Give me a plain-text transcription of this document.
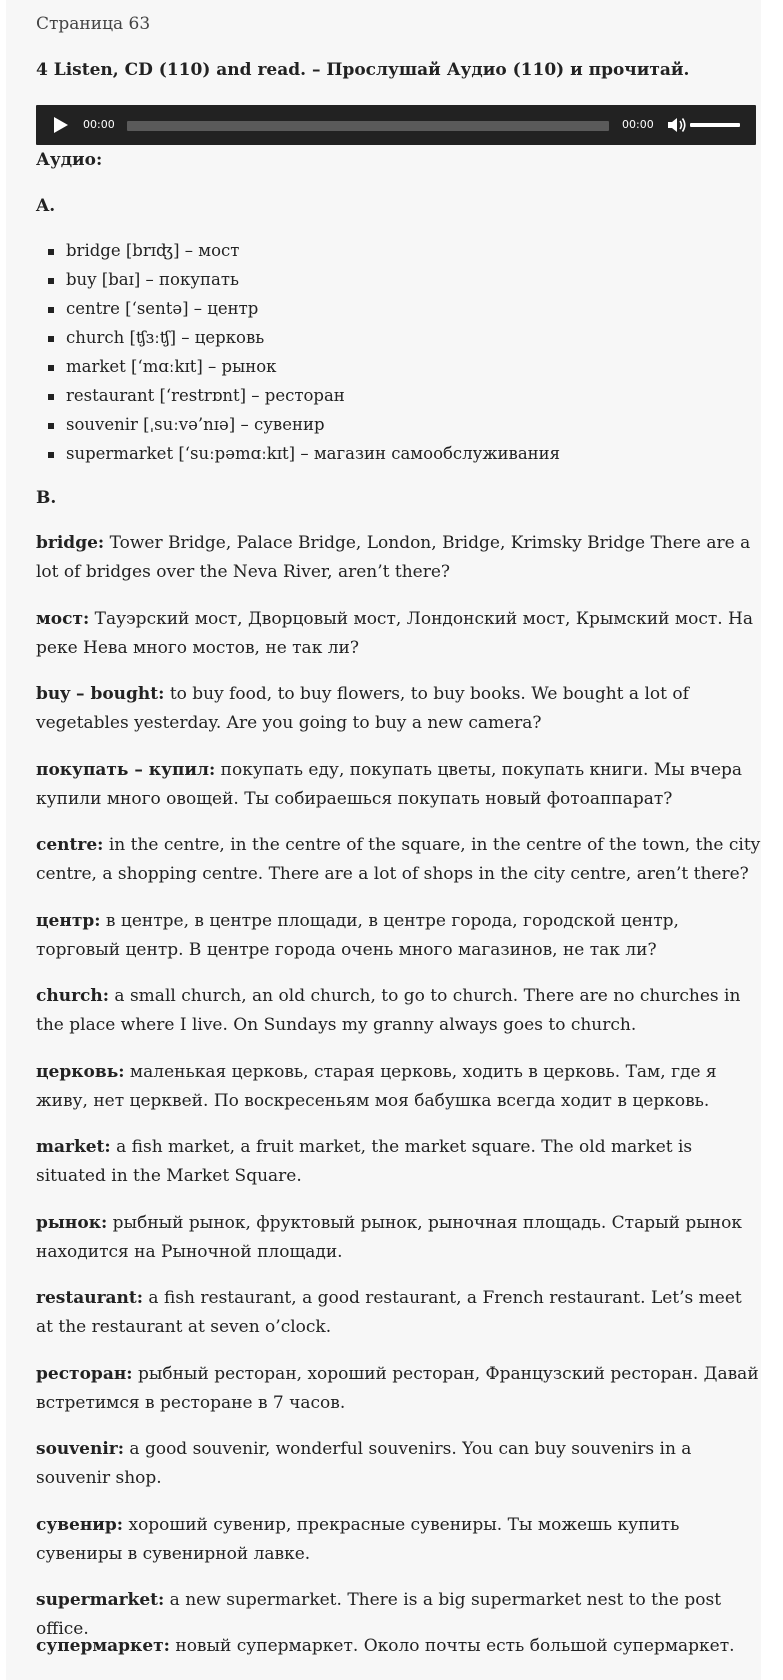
Страница 63
4 Listen, CD (110) and read. – Прослушай Аудио (110) и прочитай.
00:00	00:00
Аудио:
A.
bridge [brɪʤ] – мост
buy [baɪ] – покупать
centre [‘sentə] – центр
church [ʧɜːʧ] – церковь
market [‘mɑːkɪt] – рынок
restaurant [‘restrɒnt] – ресторан
souvenir [ˌsuːvə’nɪə] – сувенир
supermarket [‘suːpəmɑːkɪt] – магазин самообслуживания
B.

bridge: Tower Bridge, Palace Bridge, London, Bridge, Krimsky Bridge There are a lot of bridges over the Neva River, aren’t there?

мост: Тауэрский мост, Дворцовый мост, Лондонский мост, Крымский мост. На реке Нева много мостов, не так ли?

buy – bought: to buy food, to buy flowers, to buy books. We bought a lot of vegetables yesterday. Are you going to buy a new camera?

покупать – купил: покупать еду, покупать цветы, покупать книги. Мы вчера купили много овощей. Ты собираешься покупать новый фотоаппарат?

centre: in the centre, in the centre of the square, in the centre of the town, the city centre, a shopping centre. There are a lot of shops in the city centre, aren’t there?

центр: в центре, в центре площади, в центре города, городской центр, торговый центр. В центре города очень много магазинов, не так ли?

church: a small church, an old church, to go to church. There are no churches in the place where I live. On Sundays my granny always goes to church.

церковь: маленькая церковь, старая церковь, ходить в церковь. Там, где я живу, нет церквей. По воскресеньям моя бабушка всегда ходит в церковь.

market: a fish market, a fruit market, the market square. The old market is situated in the Market Square.

рынок: рыбный рынок, фруктовый рынок, рыночная площадь. Старый рынок находится на Рыночной площади.

restaurant: a fish restaurant, a good restaurant, a French restaurant. Let’s meet at the restaurant at seven o’clock.

ресторан: рыбный ресторан, хороший ресторан, Французский ресторан. Давай встретимся в ресторане в 7 часов.

souvenir: a good souvenir, wonderful souvenirs. You can buy souvenirs in a souvenir shop.

сувенир: хороший сувенир, прекрасные сувениры. Ты можешь купить сувениры в сувенирной лавке.

supermarket: a new supermarket. There is a big supermarket nest to the post office.

супермаркет: новый супермаркет. Около почты есть большой супермаркет.
